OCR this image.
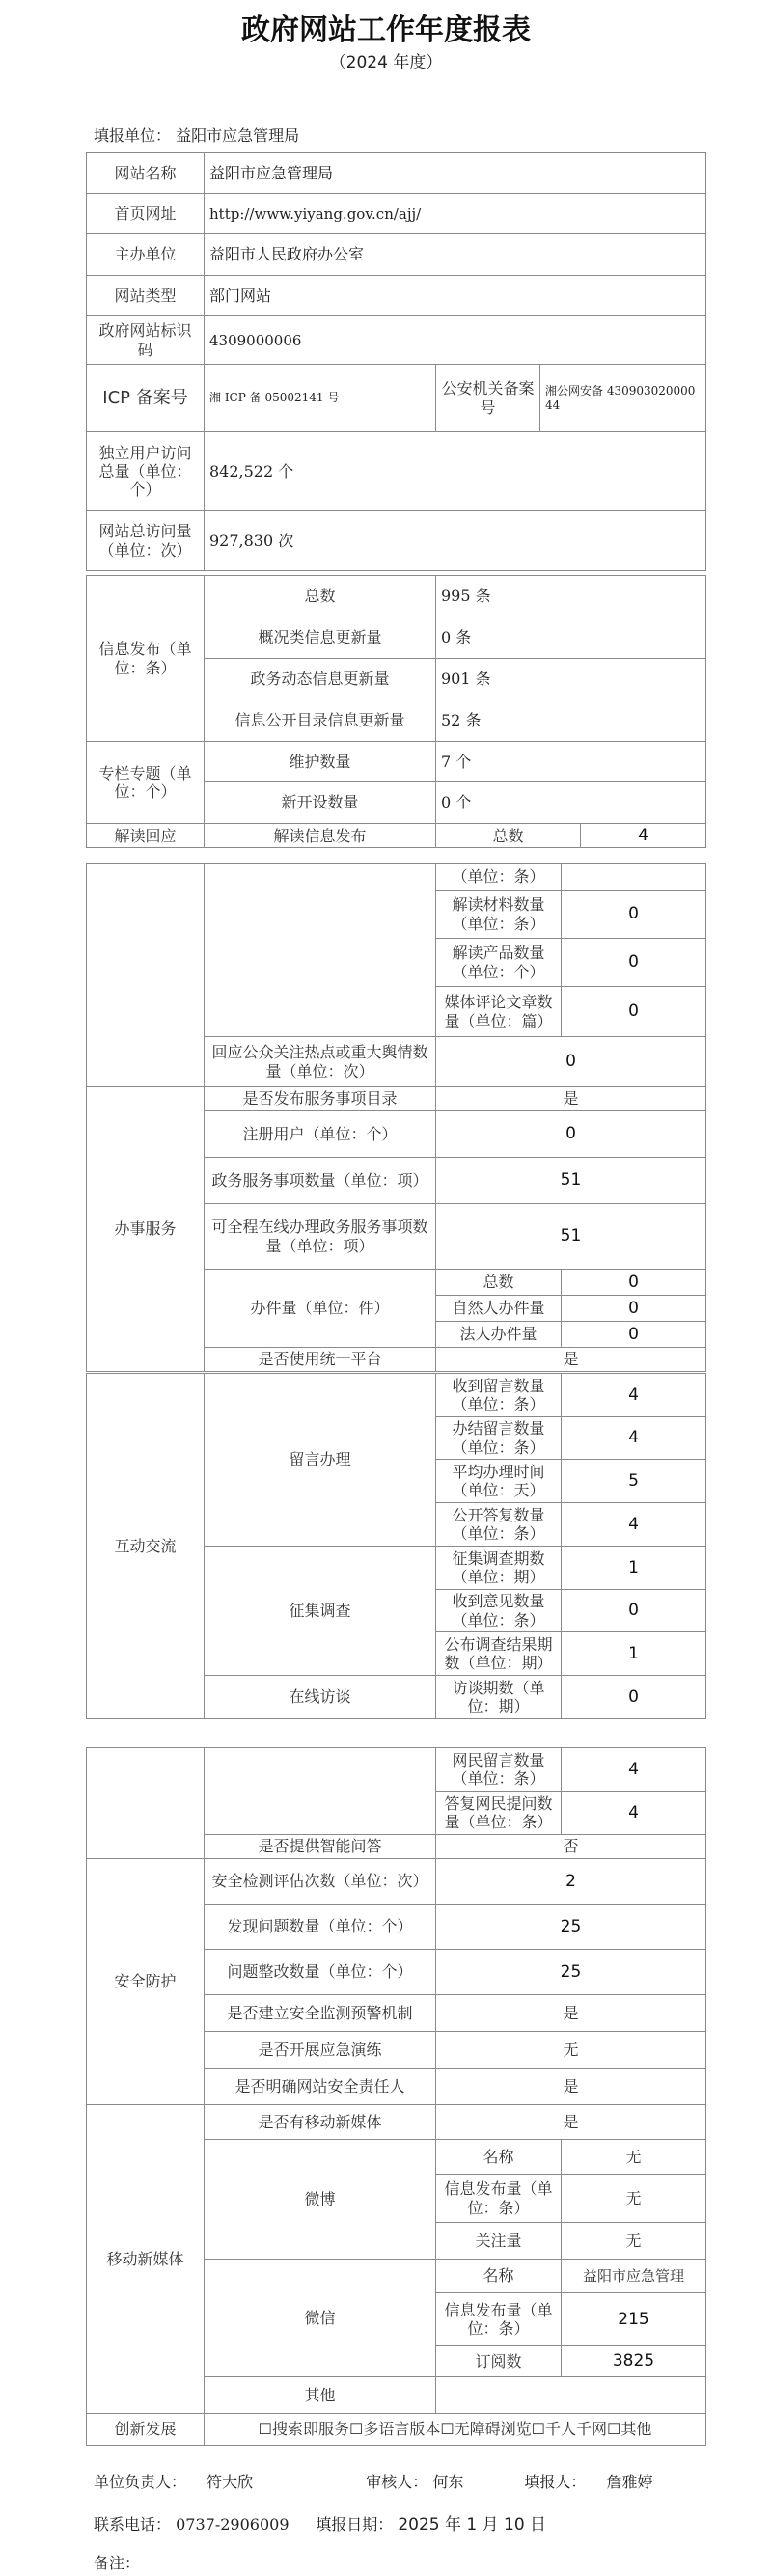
政府网站工作年度报表
（2024 年度）
填报单位： 益阳市应急管理局
网站名称	益阳市应急管理局		
首页网址	http://www.yiyang.gov.cn/ajj/		
主办单位	益阳市人民政府办公室		
网站类型	部门网站		
政府网站标识码	4309000006		
ICP 备案号	湘 ICP 备 05002141 号	公安机关备案号	湘公网安备 43090302000044
独立用户访问总量（单位：个）	842,522 个		
网站总访问量（单位：次）	927,830 次		
信息发布（单位：条）	总数	995 条
	概况类信息更新量	0 条
	政务动态信息更新量	901 条
	信息公开目录信息更新量	52 条
专栏专题（单位：个）	维护数量	7 个
	新开设数量	0 个
解读回应	解读信息发布	总数	4
		（单位：条）	
		解读材料数量（单位：条）	0
		解读产品数量（单位：个）	0
		媒体评论文章数量（单位：篇）	0
	回应公众关注热点或重大舆情数量（单位：次）	0	
办事服务	是否发布服务事项目录	是	
	注册用户（单位：个）	0	
	政务服务事项数量（单位：项）	51	
	可全程在线办理政务服务事项数量（单位：项）	51	
	办件量（单位：件）	总数	0
		自然人办件量	0
		法人办件量	0
	是否使用统一平台	是	
互动交流	留言办理	收到留言数量（单位：条）	4
		办结留言数量（单位：条）	4
		平均办理时间（单位：天）	5
		公开答复数量（单位：条）	4
	征集调查	征集调查期数（单位：期）	1
		收到意见数量（单位：条）	0
		公布调查结果期数（单位：期）	1
	在线访谈	访谈期数（单位：期）	0
		网民留言数量（单位：条）	4
		答复网民提问数量（单位：条）	4
	是否提供智能问答	否	
安全防护	安全检测评估次数（单位：次）	2	
	发现问题数量（单位：个）	25	
	问题整改数量（单位：个）	25	
	是否建立安全监测预警机制	是	
	是否开展应急演练	无	
	是否明确网站安全责任人	是	
移动新媒体	是否有移动新媒体	是	
	微博	名称	无
		信息发布量（单位：条）	无
		关注量	无
	微信	名称	益阳市应急管理
		信息发布量（单位：条）	215
		订阅数	3825
	其他		
创新发展	☐搜索即服务☐多语言版本☐无障碍浏览☐千人千网☐其他		
单位负责人： 符大欣	审核人： 何东	填报人： 詹雅婷
联系电话： 0737-2906009 填报日期： 2025 年 1 月 10 日
备注：
